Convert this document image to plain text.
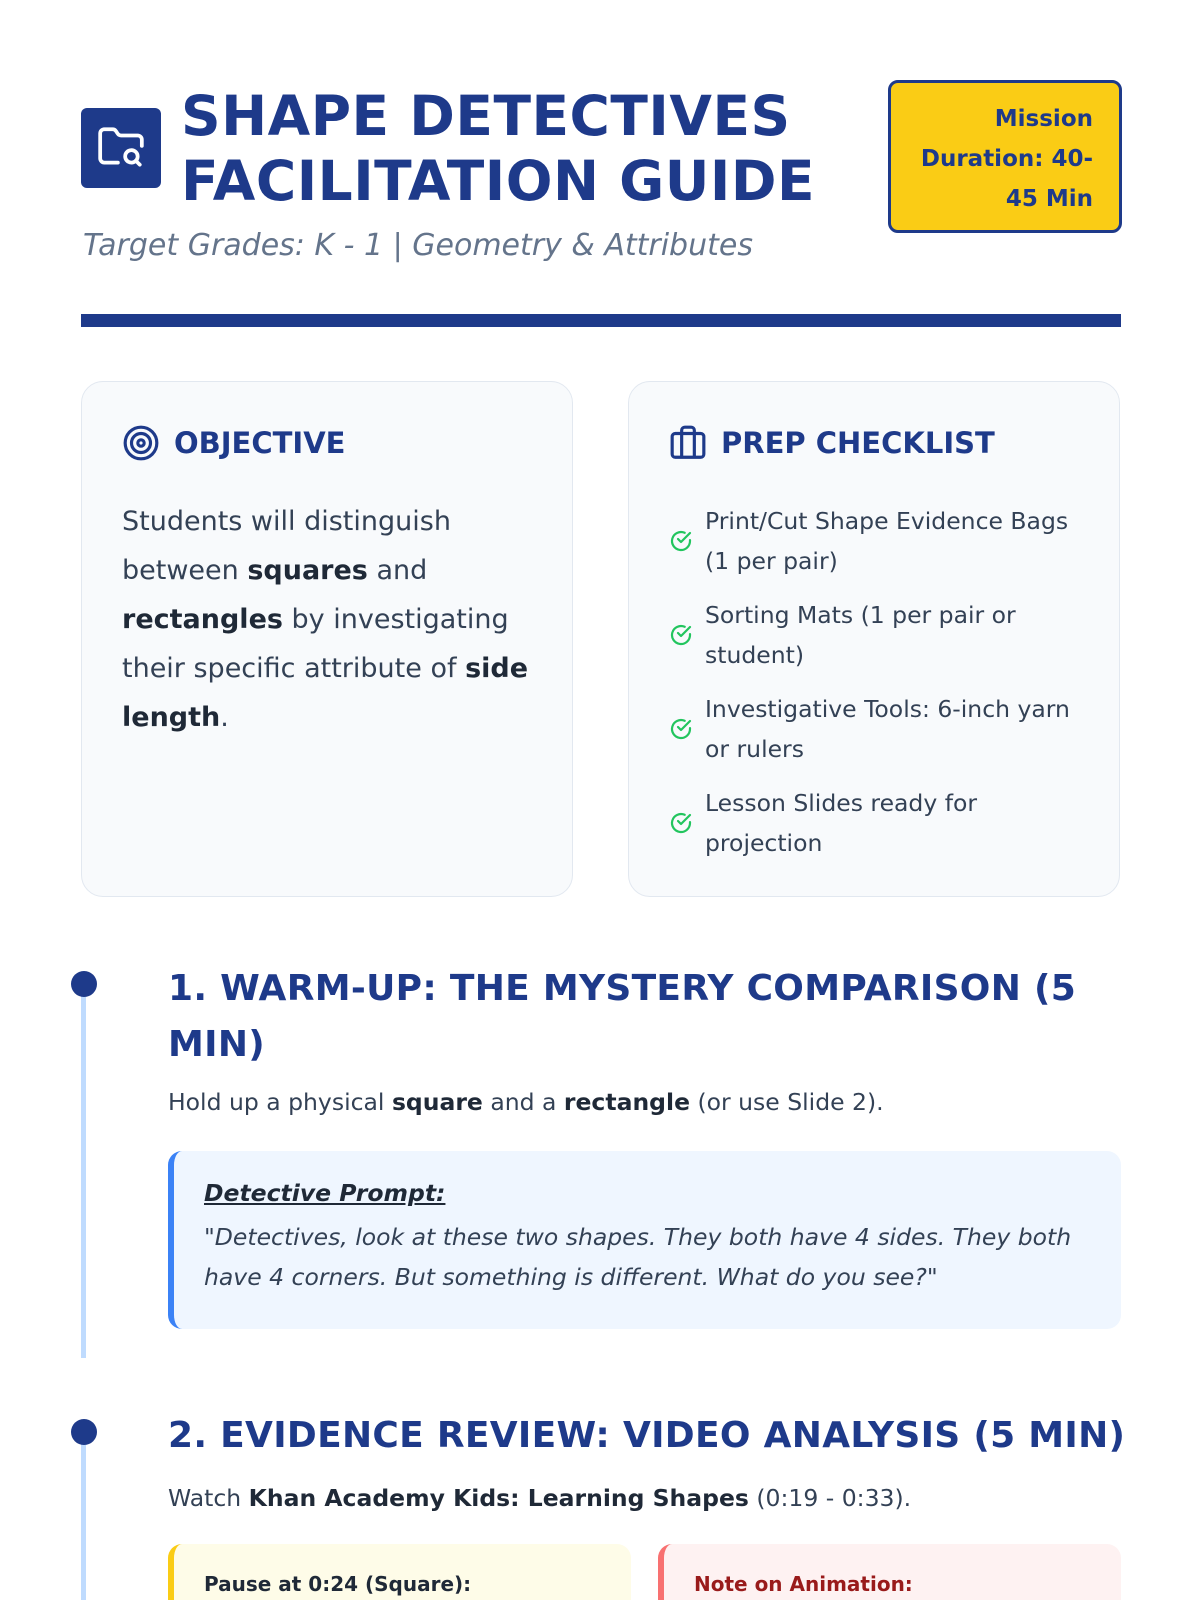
SHAPE DETECTIVES
FACILITATION GUIDE
Target Grades: K - 1 | Geometry & Attributes
Mission Duration: 40-45 Min
OBJECTIVE
Students will distinguish between squares and rectangles by investigating their specific attribute of side length.
PREP CHECKLIST
Print/Cut Shape Evidence Bags (1 per pair)
Sorting Mats (1 per pair or student)
Investigative Tools: 6-inch yarn or rulers
Lesson Slides ready for projection
1. WARM-UP: THE MYSTERY COMPARISON (5 MIN)
Hold up a physical square and a rectangle (or use Slide 2).
Detective Prompt:
"Detectives, look at these two shapes. They both have 4 sides. They both have 4 corners. But something is different. What do you see?"
2. EVIDENCE REVIEW: VIDEO ANALYSIS (5 MIN)
Watch Khan Academy Kids: Learning Shapes (0:19 - 0:33).
Pause at 0:24 (Square):	Note on Animation:
